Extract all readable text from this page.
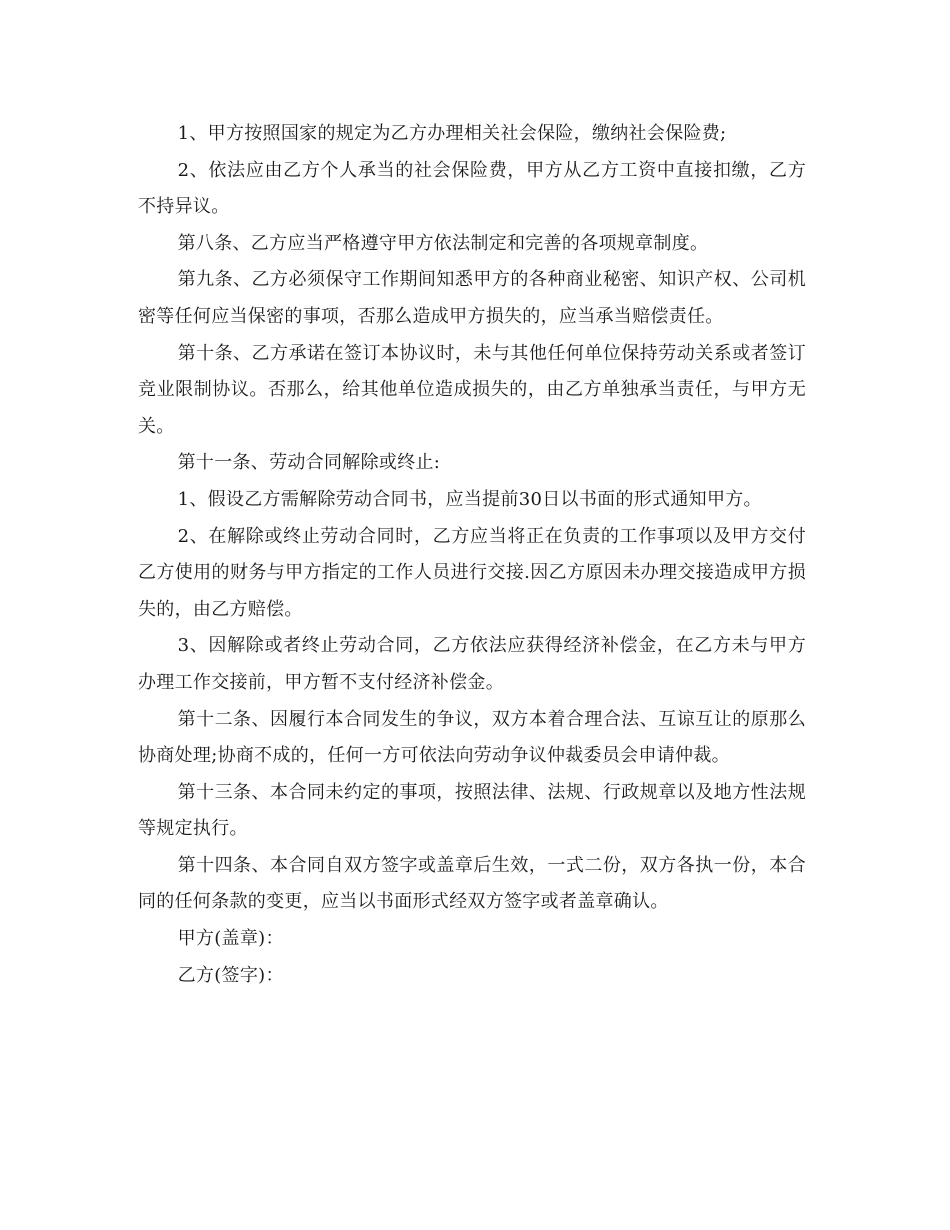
1、甲方按照国家的规定为乙方办理相关社会保险，缴纳社会保险费;

2、依法应由乙方个人承当的社会保险费，甲方从乙方工资中直接扣缴，乙方不持异议。

第八条、乙方应当严格遵守甲方依法制定和完善的各项规章制度。

第九条、乙方必须保守工作期间知悉甲方的各种商业秘密、知识产权、公司机密等任何应当保密的事项，否那么造成甲方损失的，应当承当赔偿责任。

第十条、乙方承诺在签订本协议时，未与其他任何单位保持劳动关系或者签订竞业限制协议。否那么，给其他单位造成损失的，由乙方单独承当责任，与甲方无关。

第十一条、劳动合同解除或终止:

1、假设乙方需解除劳动合同书，应当提前30日以书面的形式通知甲方。

2、在解除或终止劳动合同时，乙方应当将正在负责的工作事项以及甲方交付乙方使用的财务与甲方指定的工作人员进行交接.因乙方原因未办理交接造成甲方损失的，由乙方赔偿。

3、因解除或者终止劳动合同，乙方依法应获得经济补偿金，在乙方未与甲方办理工作交接前，甲方暂不支付经济补偿金。

第十二条、因履行本合同发生的争议，双方本着合理合法、互谅互让的原那么协商处理;协商不成的，任何一方可依法向劳动争议仲裁委员会申请仲裁。

第十三条、本合同未约定的事项，按照法律、法规、行政规章以及地方性法规等规定执行。

第十四条、本合同自双方签字或盖章后生效，一式二份，双方各执一份，本合同的任何条款的变更，应当以书面形式经双方签字或者盖章确认。

甲方(盖章)：

乙方(签字)：
